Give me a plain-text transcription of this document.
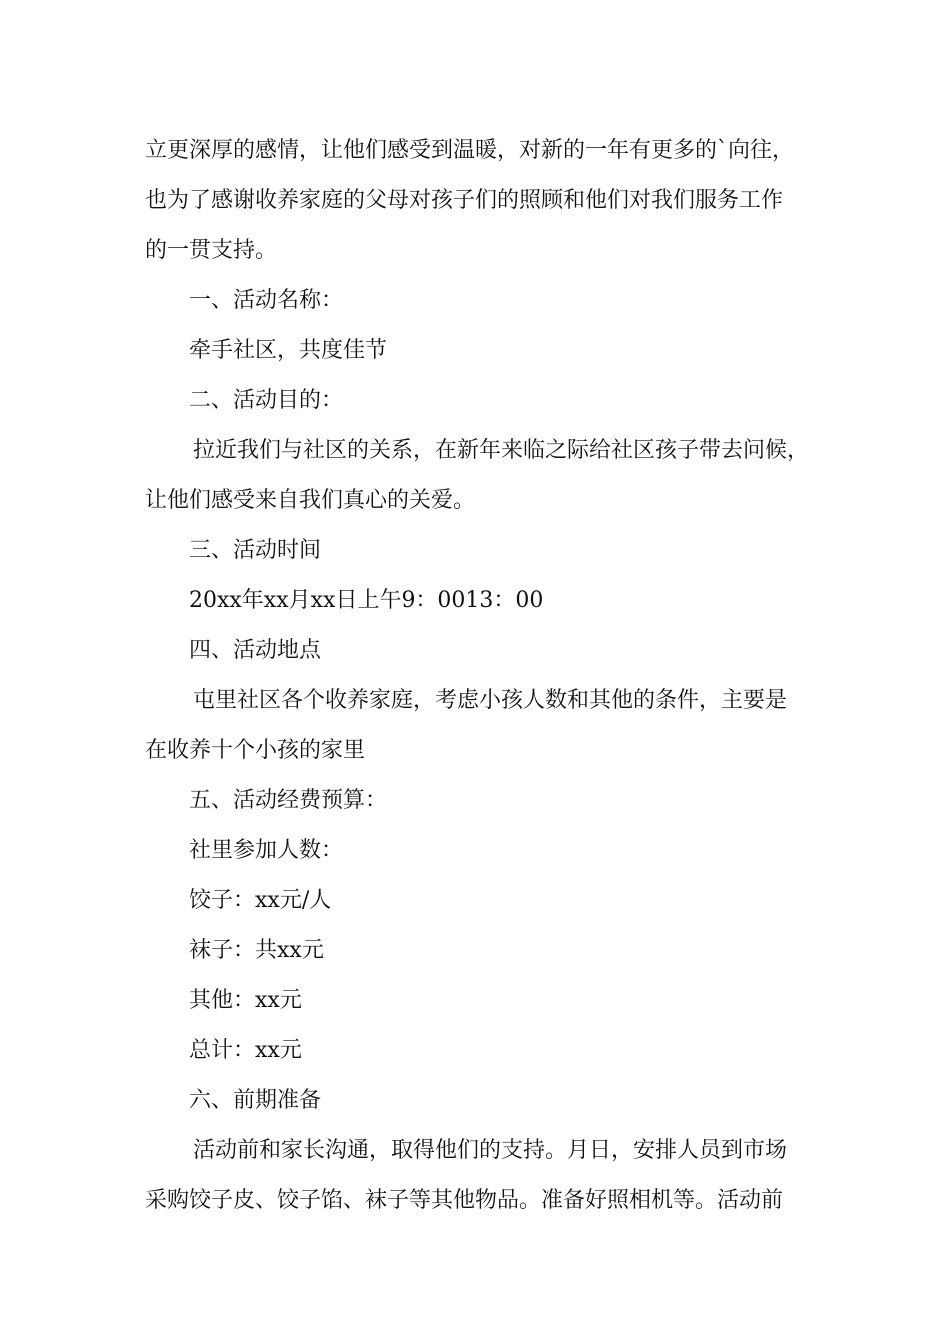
立更深厚的感情，让他们感受到温暖，对新的一年有更多的`向往，
也为了感谢收养家庭的父母对孩子们的照顾和他们对我们服务工作
的一贯支持。
一、活动名称：
牵手社区，共度佳节
二、活动目的：
拉近我们与社区的关系，在新年来临之际给社区孩子带去问候，
让他们感受来自我们真心的关爱。
三、活动时间
20xx年xx月xx日上午9：0013：00
四、活动地点
屯里社区各个收养家庭，考虑小孩人数和其他的条件，主要是
在收养十个小孩的家里
五、活动经费预算：
社里参加人数：
饺子：xx元/人
袜子：共xx元
其他：xx元
总计：xx元
六、前期准备
活动前和家长沟通，取得他们的支持。月日，安排人员到市场
采购饺子皮、饺子馅、袜子等其他物品。准备好照相机等。活动前
